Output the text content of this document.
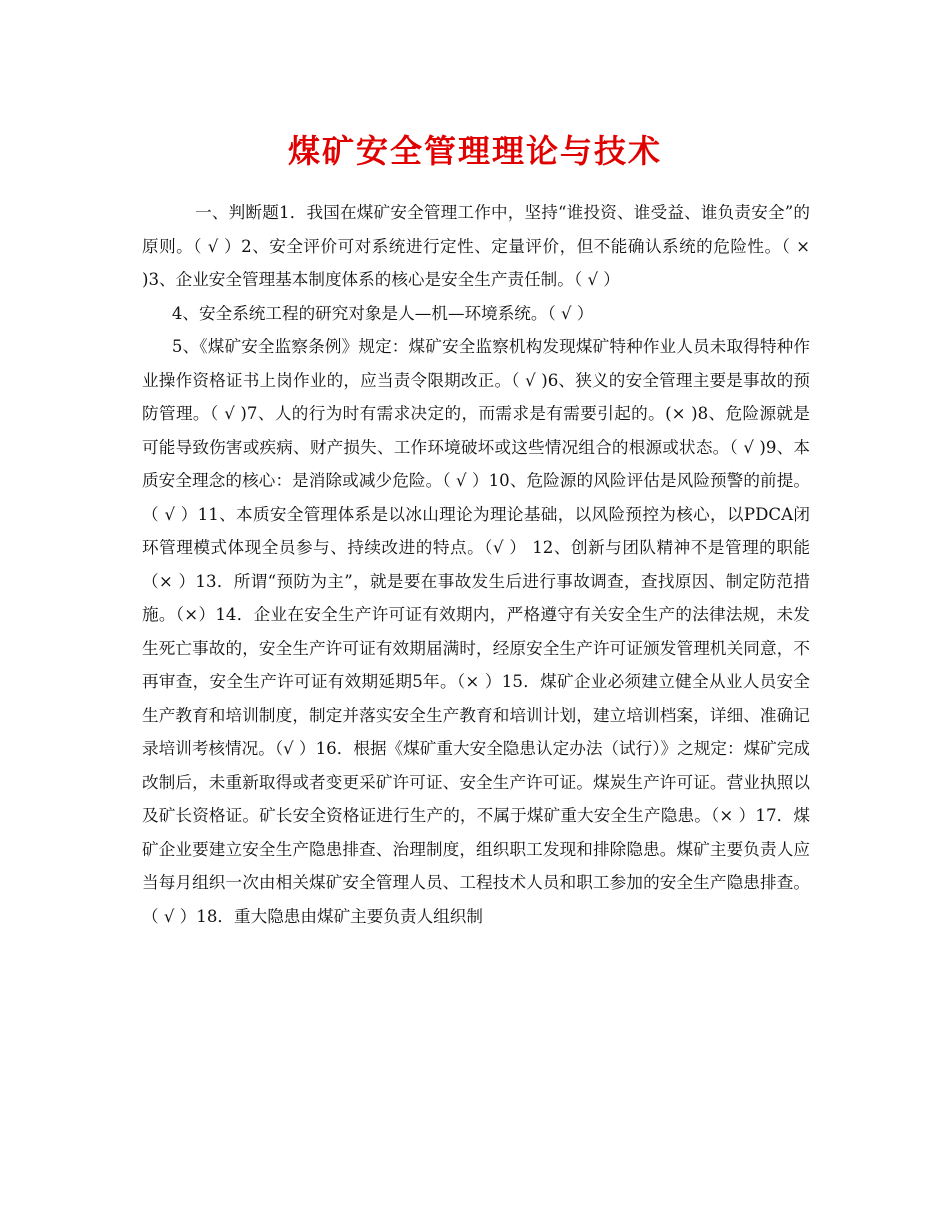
煤矿安全管理理论与技术

一、判断题1．我国在煤矿安全管理工作中，坚持“谁投资、谁受益、谁负责安全”的原则。（ √ ）2、安全评价可对系统进行定性、定量评价，但不能确认系统的危险性。（ × )3、企业安全管理基本制度体系的核心是安全生产责任制。（ √ ）

4、安全系统工程的研究对象是人—机—环境系统。（ √ ）

5、《煤矿安全监察条例》规定：煤矿安全监察机构发现煤矿特种作业人员未取得特种作业操作资格证书上岗作业的，应当责令限期改正。（ √ )6、狭义的安全管理主要是事故的预防管理。（ √ )7、人的行为时有需求决定的，而需求是有需要引起的。(× )8、危险源就是可能导致伤害或疾病、财产损失、工作环境破坏或这些情况组合的根源或状态。（ √ )9、本质安全理念的核心：是消除或减少危险。（ √ ）10、危险源的风险评估是风险预警的前提。（ √ ）11、本质安全管理体系是以冰山理论为理论基础，以风险预控为核心，以PDCA闭环管理模式体现全员参与、持续改进的特点。（√ ） 12、创新与团队精神不是管理的职能（× ）13．所谓“预防为主”，就是要在事故发生后进行事故调查，查找原因、制定防范措施。（×）14．企业在安全生产许可证有效期内，严格遵守有关安全生产的法律法规，未发生死亡事故的，安全生产许可证有效期届满时，经原安全生产许可证颁发管理机关同意，不再审查，安全生产许可证有效期延期5年。（× ）15．煤矿企业必须建立健全从业人员安全生产教育和培训制度，制定并落实安全生产教育和培训计划，建立培训档案，详细、准确记录培训考核情况。（√ ）16．根据《煤矿重大安全隐患认定办法（试行）》之规定：煤矿完成改制后，未重新取得或者变更采矿许可证、安全生产许可证。煤炭生产许可证。营业执照以及矿长资格证。矿长安全资格证进行生产的，不属于煤矿重大安全生产隐患。（× ）17．煤矿企业要建立安全生产隐患排查、治理制度，组织职工发现和排除隐患。煤矿主要负责人应当每月组织一次由相关煤矿安全管理人员、工程技术人员和职工参加的安全生产隐患排查。（ √ ）18．重大隐患由煤矿主要负责人组织制
